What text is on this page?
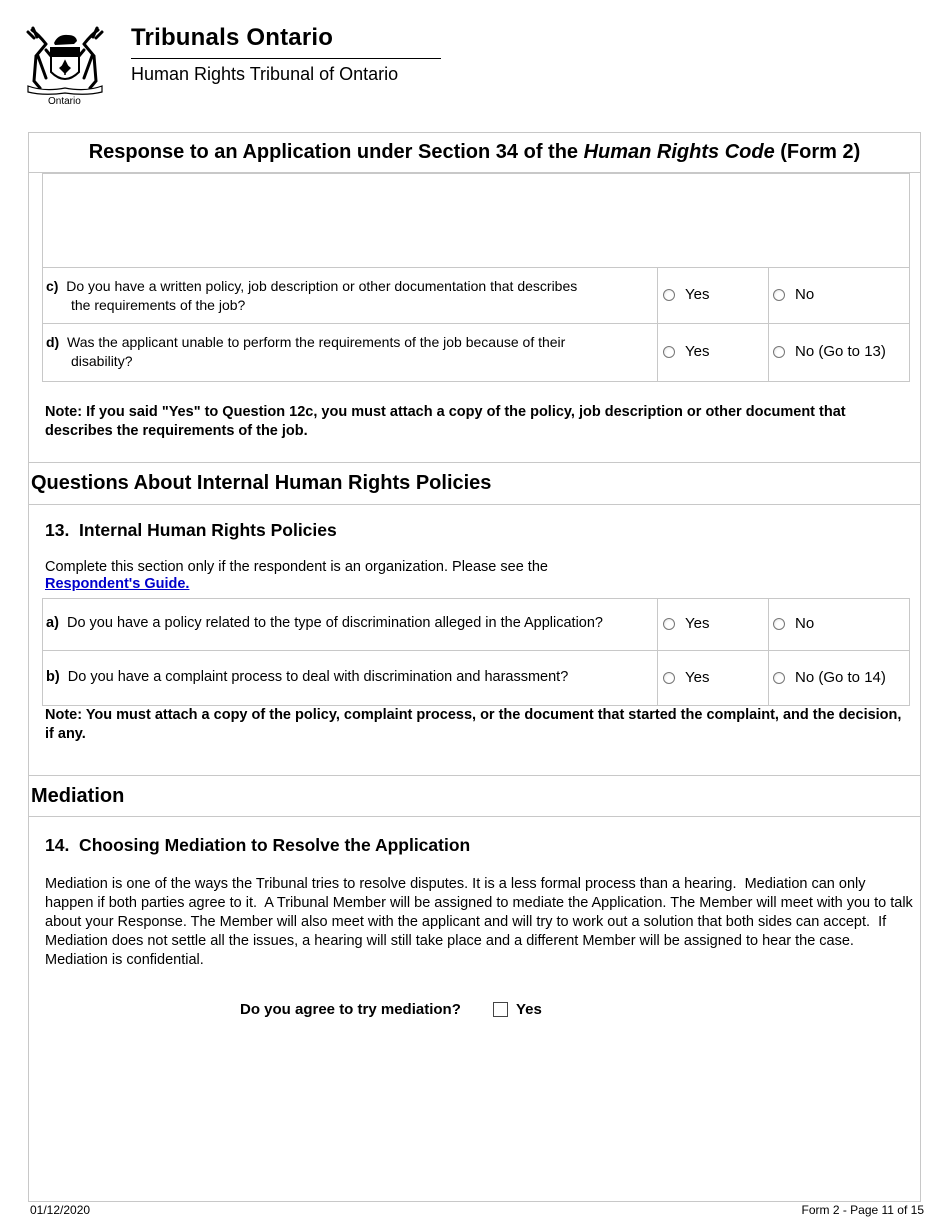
Ontario
Tribunals Ontario
Human Rights Tribunal of Ontario
Response to an Application under Section 34 of the Human Rights Code (Form 2)
c) Do you have a written policy, job description or other documentation that describes
the requirements of the job?
Yes	No
d) Was the applicant unable to perform the requirements of the job because of their
disability?
Yes	No (Go to 13)
Note: If you said "Yes" to Question 12c, you must attach a copy of the policy, job description or other document that describes the requirements of the job.
Questions About Internal Human Rights Policies
13.  Internal Human Rights Policies
Complete this section only if the respondent is an organization. Please see the
Respondent's Guide.
a) Do you have a policy related to the type of discrimination alleged in the Application?	Yes	No
b) Do you have a complaint process to deal with discrimination and harassment?	Yes	No (Go to 14)
Note: You must attach a copy of the policy, complaint process, or the document that started the complaint, and the decision, if any.
Mediation
14.  Choosing Mediation to Resolve the Application
Mediation is one of the ways the Tribunal tries to resolve disputes. It is a less formal process than a hearing.  Mediation can only happen if both parties agree to it.  A Tribunal Member will be assigned to mediate the Application. The Member will meet with you to talk about your Response. The Member will also meet with the applicant and will try to work out a solution that both sides can accept.  If Mediation does not settle all the issues, a hearing will still take place and a different Member will be assigned to hear the case.  Mediation is confidential.
Do you agree to try mediation?	Yes
01/12/2020	Form 2 - Page 11 of 15
